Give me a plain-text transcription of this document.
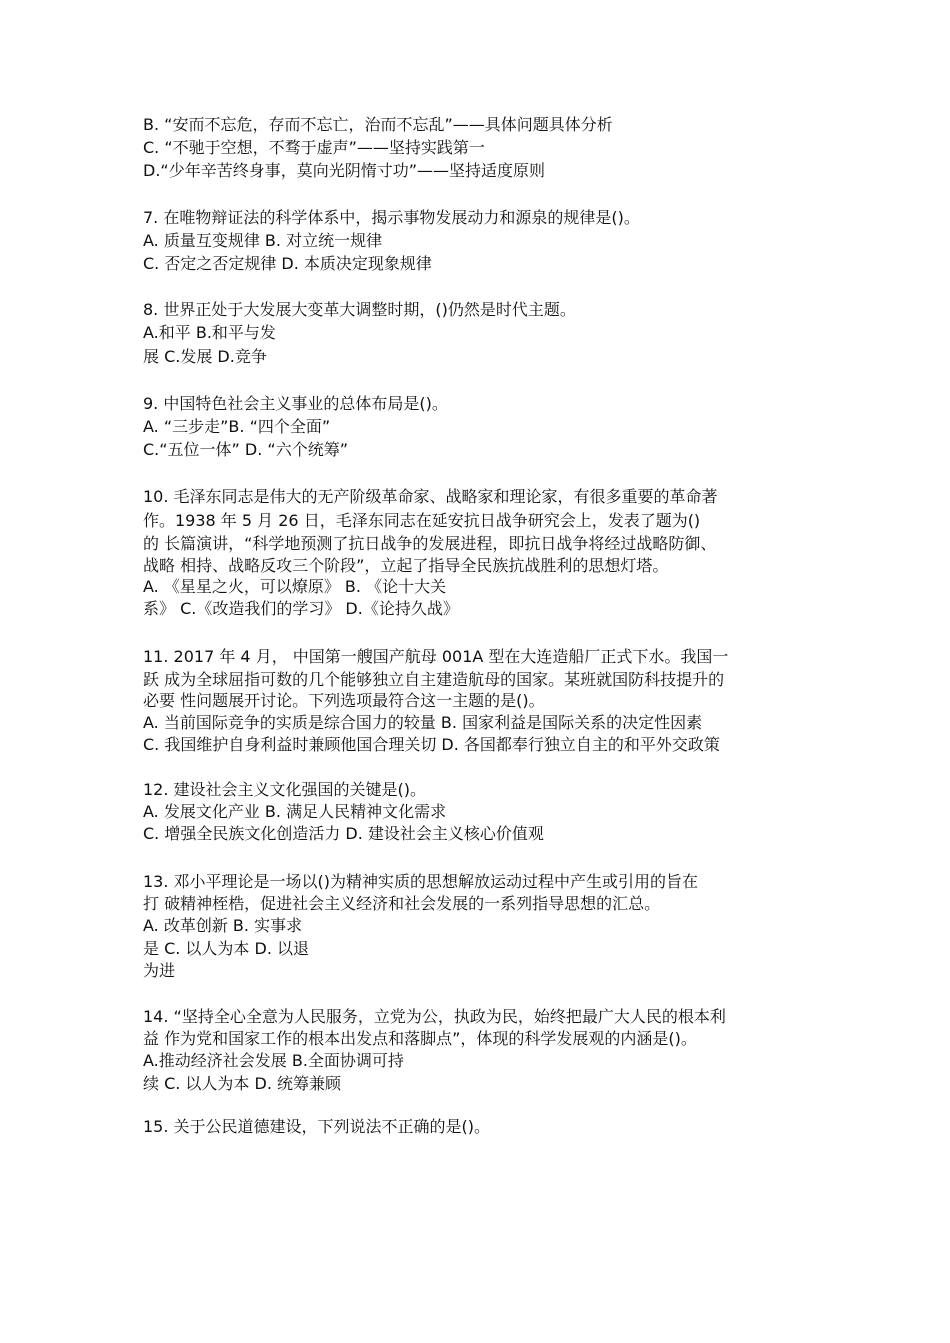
B. “安而不忘危，存而不忘亡，治而不忘乱”——具体问题具体分析
C. “不驰于空想，不骛于虚声”——坚持实践第一
D.“少年辛苦终身事，莫向光阴惰寸功”——坚持适度原则
7. 在唯物辩证法的科学体系中，揭示事物发展动力和源泉的规律是()。
A. 质量互变规律 B. 对立统一规律
C. 否定之否定规律 D. 本质决定现象规律
8. 世界正处于大发展大变革大调整时期，()仍然是时代主题。
A.和平 B.和平与发
展 C.发展 D.竞争
9. 中国特色社会主义事业的总体布局是()。
A. “三步走”B. “四个全面”
C.“五位一体” D. “六个统筹”
10. 毛泽东同志是伟大的无产阶级革命家、战略家和理论家，有很多重要的革命著
作。1938 年 5 月 26 日，毛泽东同志在延安抗日战争研究会上，发表了题为()
的 长篇演讲，“科学地预测了抗日战争的发展进程，即抗日战争将经过战略防御、
战略 相持、战略反攻三个阶段”，立起了指导全民族抗战胜利的思想灯塔。
A. 《星星之火，可以燎原》 B. 《论十大关
系》 C.《改造我们的学习》 D.《论持久战》
11. 2017 年 4 月， 中国第一艘国产航母 001A 型在大连造船厂正式下水。我国一
跃 成为全球屈指可数的几个能够独立自主建造航母的国家。某班就国防科技提升的
必要 性问题展开讨论。下列选项最符合这一主题的是()。
A. 当前国际竞争的实质是综合国力的较量 B. 国家利益是国际关系的决定性因素
C. 我国维护自身利益时兼顾他国合理关切 D. 各国都奉行独立自主的和平外交政策
12. 建设社会主义文化强国的关键是()。
A. 发展文化产业 B. 满足人民精神文化需求
C. 增强全民族文化创造活力 D. 建设社会主义核心价值观
13. 邓小平理论是一场以()为精神实质的思想解放运动过程中产生或引用的旨在
打 破精神桎梏，促进社会主义经济和社会发展的一系列指导思想的汇总。
A. 改革创新 B. 实事求
是 C. 以人为本 D. 以退
为进
14. “坚持全心全意为人民服务，立党为公，执政为民，始终把最广大人民的根本利
益 作为党和国家工作的根本出发点和落脚点”，体现的科学发展观的内涵是()。
A.推动经济社会发展 B.全面协调可持
续 C. 以人为本 D. 统筹兼顾
15. 关于公民道德建设，下列说法不正确的是()。
